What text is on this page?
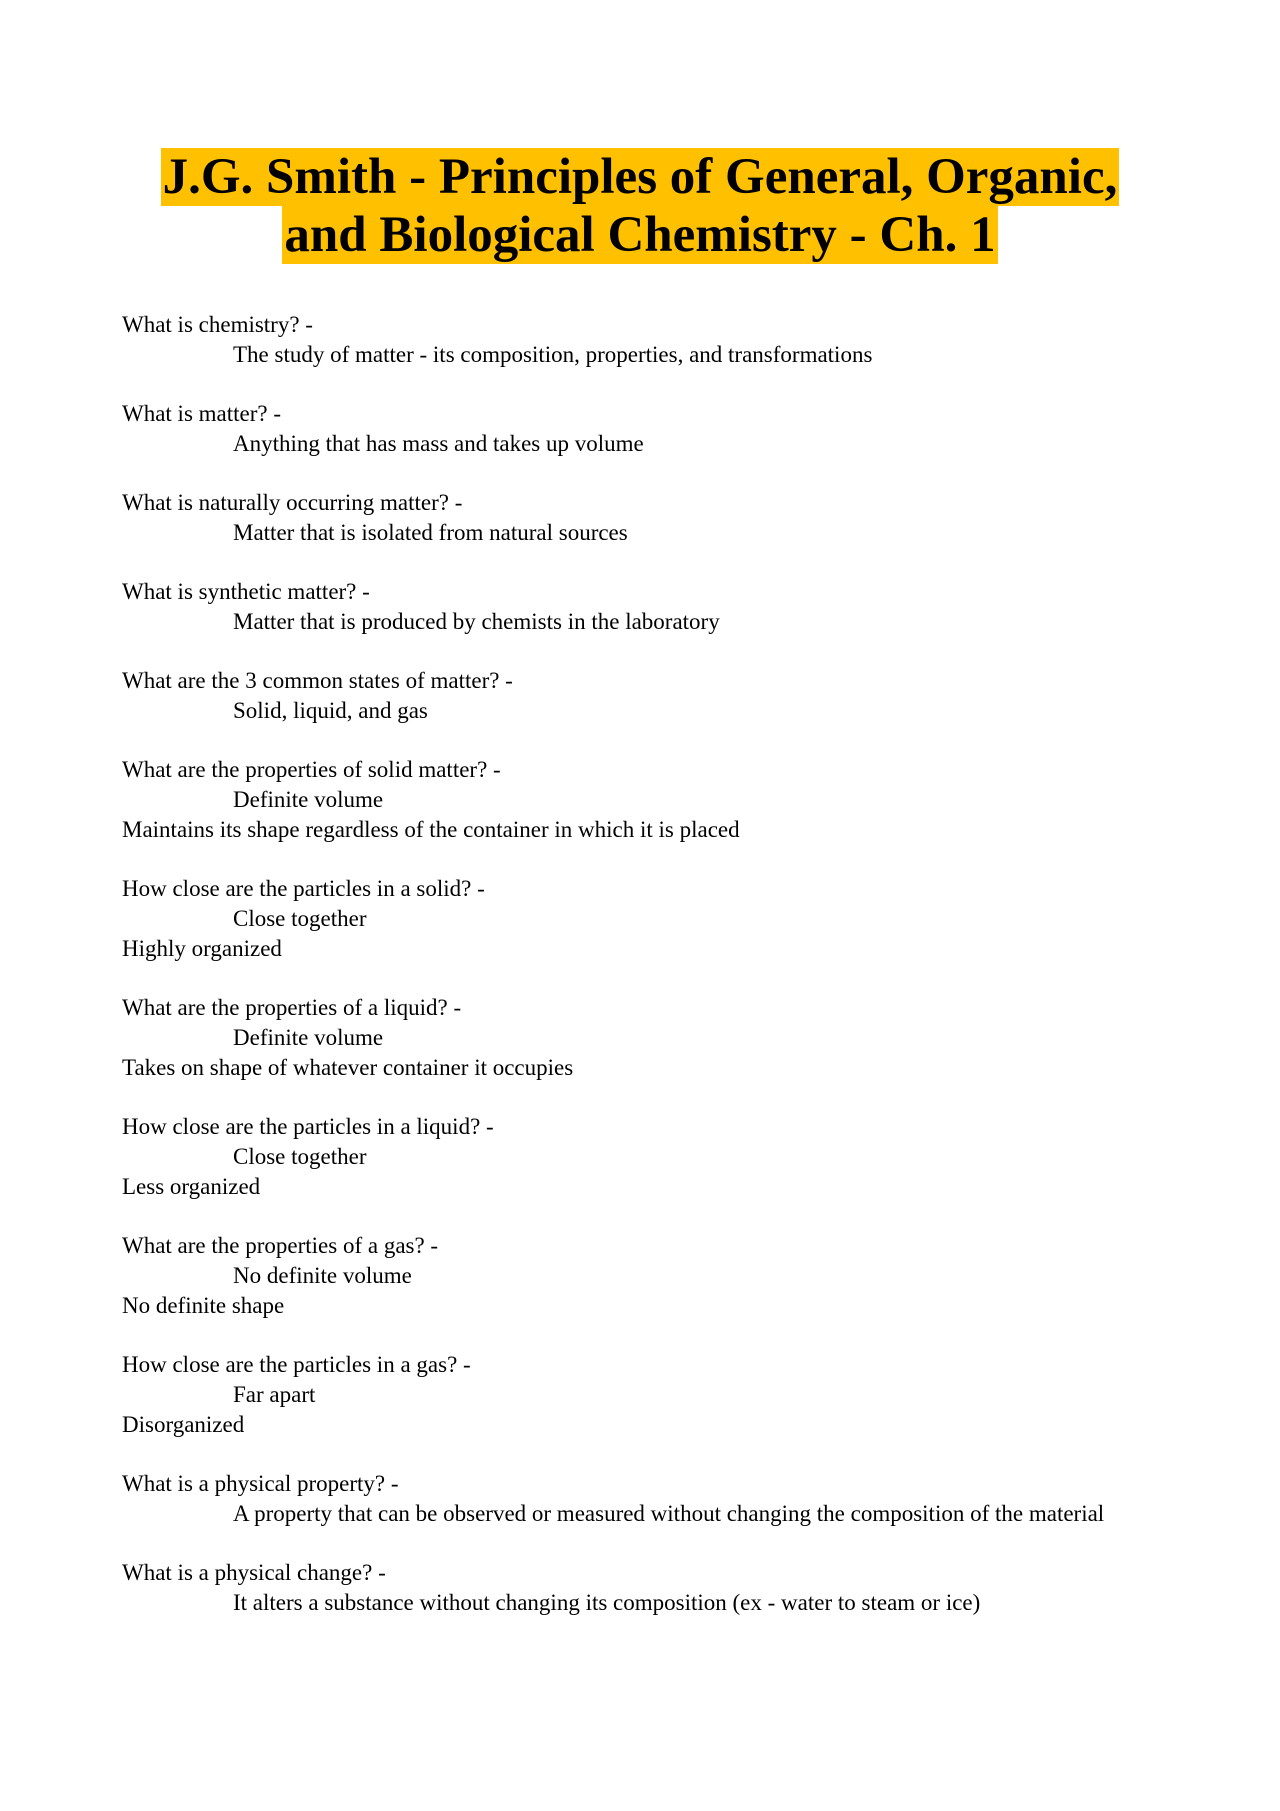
J.G. Smith - Principles of General, Organic,
and Biological Chemistry - Ch. 1
What is chemistry? -
The study of matter - its composition, properties, and transformations
What is matter? -
Anything that has mass and takes up volume
What is naturally occurring matter? -
Matter that is isolated from natural sources
What is synthetic matter? -
Matter that is produced by chemists in the laboratory
What are the 3 common states of matter? -
Solid, liquid, and gas
What are the properties of solid matter? -
Definite volume
Maintains its shape regardless of the container in which it is placed
How close are the particles in a solid? -
Close together
Highly organized
What are the properties of a liquid? -
Definite volume
Takes on shape of whatever container it occupies
How close are the particles in a liquid? -
Close together
Less organized
What are the properties of a gas? -
No definite volume
No definite shape
How close are the particles in a gas? -
Far apart
Disorganized
What is a physical property? -
A property that can be observed or measured without changing the composition of the material
What is a physical change? -
It alters a substance without changing its composition (ex - water to steam or ice)
